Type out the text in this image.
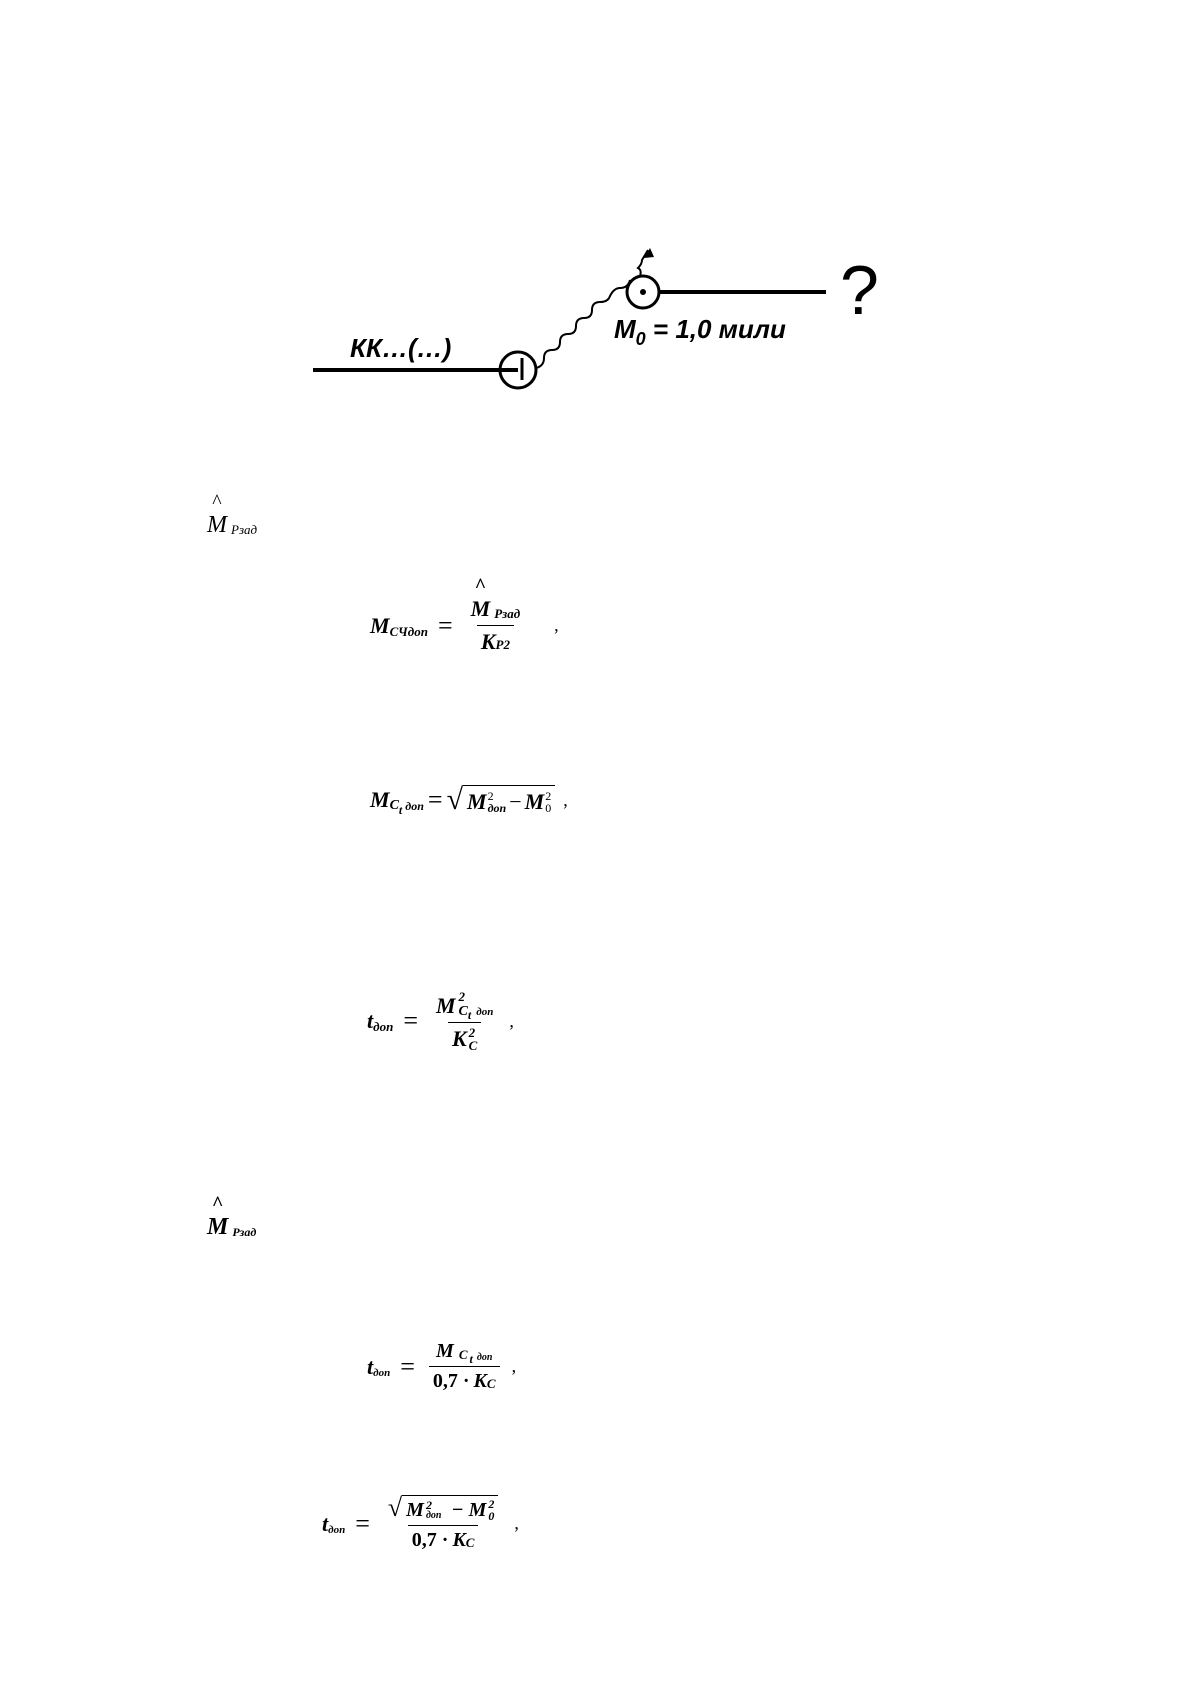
КК…(…)
$M_0 = 1,0$ мили ?
^
M Рзад
M СЧдоп = ^
M Рзад
K Р2 ,
M C t доп = √ M 2
доп − M 2
0 ,
t доп = M 2
$C_t$ доп
K 2
C ,
^
M Рзад
t доп = $\frac{\text{M C t доп}}{\text{0,7 · K C}}$ ,
t доп = √ M 2
доп − M 2
0
0,7 · K C ,
